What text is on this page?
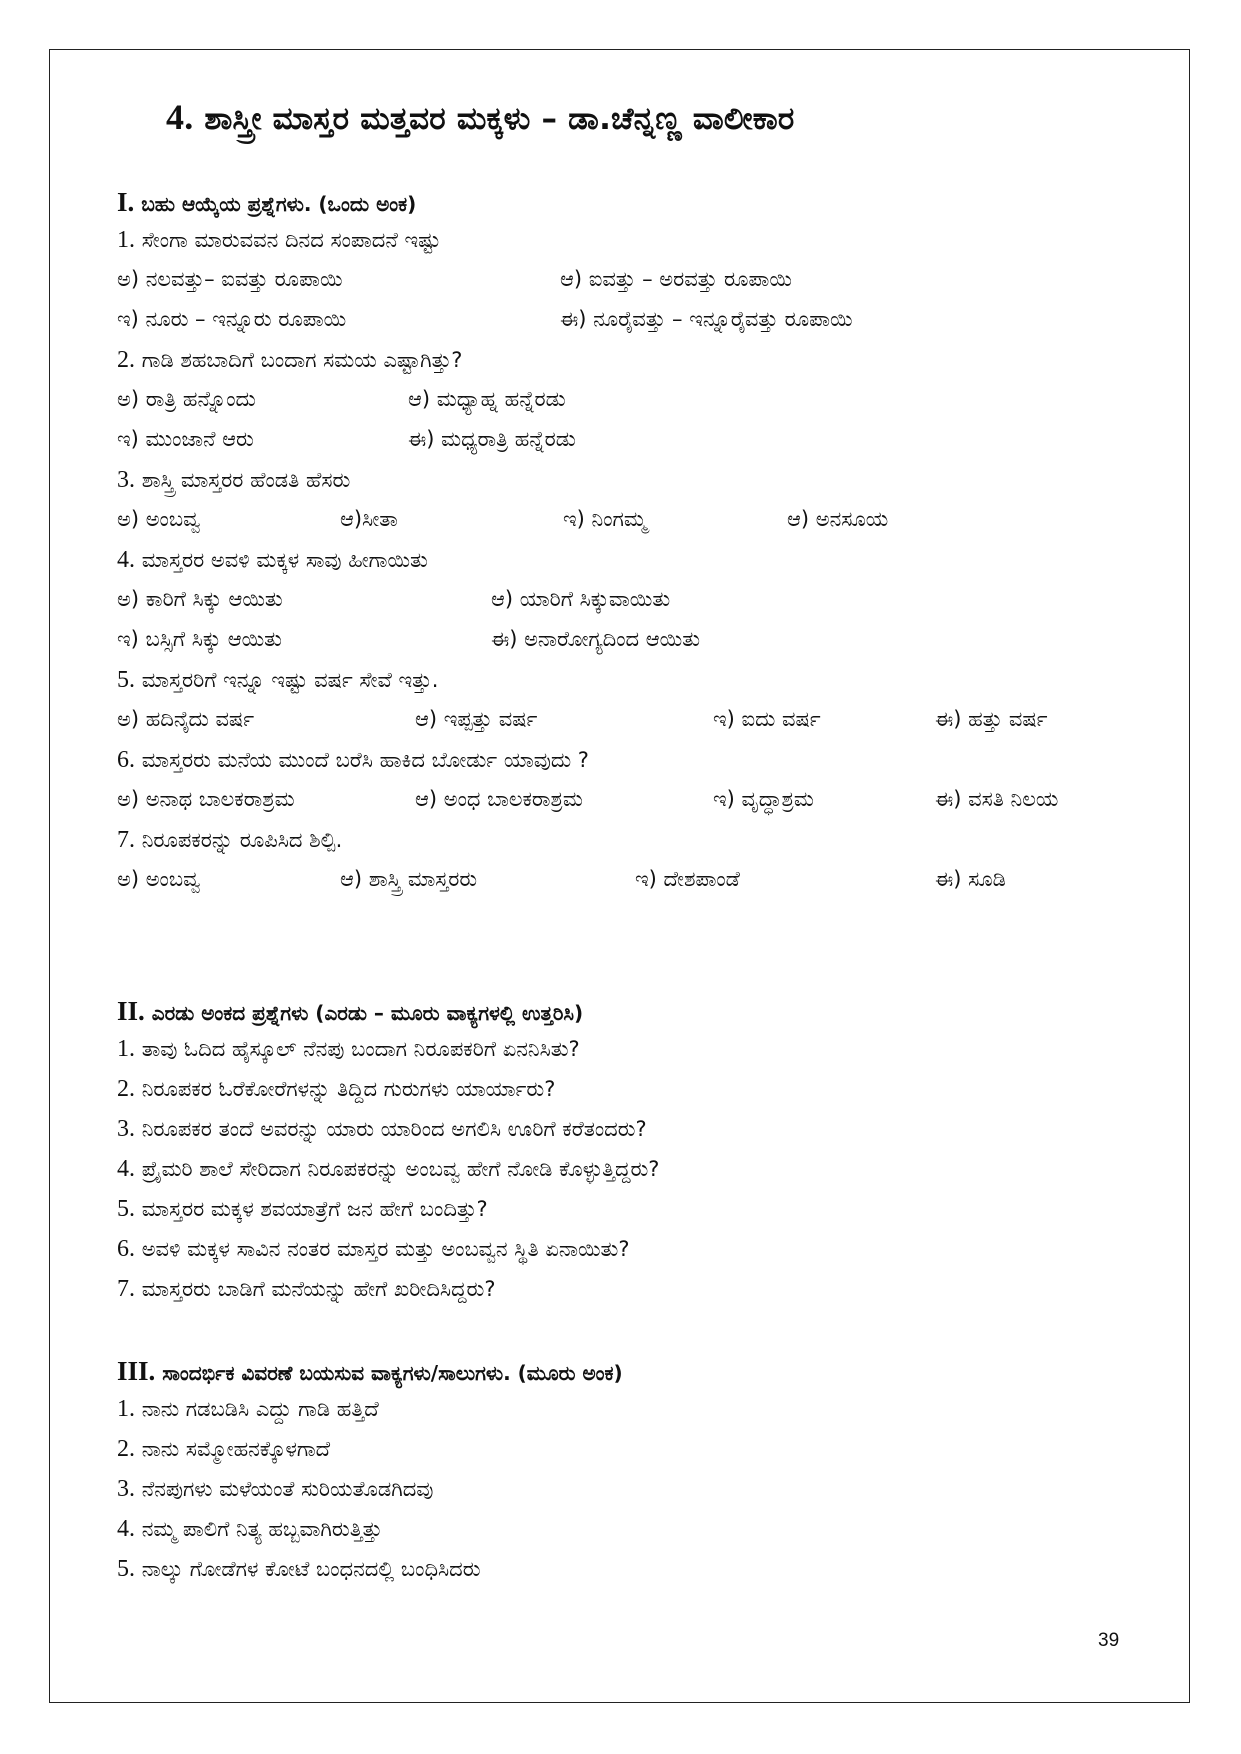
4. ಶಾಸ್ತ್ರೀ ಮಾಸ್ತರ ಮತ್ತವರ ಮಕ್ಕಳು – ಡಾ.ಚೆನ್ನಣ್ಣ ವಾಲೀಕಾರ
I. ಬಹು ಆಯ್ಕೆಯ ಪ್ರಶ್ನೆಗಳು. (ಒಂದು ಅಂಕ)
1. ಸೇಂಗಾ ಮಾರುವವನ ದಿನದ ಸಂಪಾದನೆ ಇಷ್ಟು
ಅ) ನಲವತ್ತು– ಐವತ್ತು ರೂಪಾಯಿ	ಆ) ಐವತ್ತು – ಅರವತ್ತು ರೂಪಾಯಿ
ಇ) ನೂರು – ಇನ್ನೂರು ರೂಪಾಯಿ	ಈ) ನೂರೈವತ್ತು – ಇನ್ನೂರೈವತ್ತು ರೂಪಾಯಿ
2. ಗಾಡಿ ಶಹಬಾದಿಗೆ ಬಂದಾಗ ಸಮಯ ಎಷ್ಟಾಗಿತ್ತು?
ಅ) ರಾತ್ರಿ ಹನ್ನೊಂದು	ಆ) ಮಧ್ಯಾಹ್ನ ಹನ್ನೆರಡು
ಇ) ಮುಂಜಾನೆ ಆರು	ಈ) ಮಧ್ಯರಾತ್ರಿ ಹನ್ನೆರಡು
3. ಶಾಸ್ತ್ರಿ ಮಾಸ್ತರರ ಹೆಂಡತಿ ಹೆಸರು
ಅ) ಅಂಬವ್ವ	ಆ)ಸೀತಾ	ಇ) ನಿಂಗಮ್ಮ	ಆ) ಅನಸೂಯ
4. ಮಾಸ್ತರರ ಅವಳಿ ಮಕ್ಕಳ ಸಾವು ಹೀಗಾಯಿತು
ಅ) ಕಾರಿಗೆ ಸಿಕ್ಕು ಆಯಿತು	ಆ) ಯಾರಿಗೆ ಸಿಕ್ಕುವಾಯಿತು
ಇ) ಬಸ್ಸಿಗೆ ಸಿಕ್ಕು ಆಯಿತು	ಈ) ಅನಾರೋಗ್ಯದಿಂದ ಆಯಿತು
5. ಮಾಸ್ತರರಿಗೆ ಇನ್ನೂ ಇಷ್ಟು ವರ್ಷ ಸೇವೆ ಇತ್ತು.
ಅ) ಹದಿನೈದು ವರ್ಷ	ಆ) ಇಪ್ಪತ್ತು ವರ್ಷ	ಇ) ಐದು ವರ್ಷ	ಈ) ಹತ್ತು ವರ್ಷ
6. ಮಾಸ್ತರರು ಮನೆಯ ಮುಂದೆ ಬರೆಸಿ ಹಾಕಿದ ಬೋರ್ಡು ಯಾವುದು ?
ಅ) ಅನಾಥ ಬಾಲಕರಾಶ್ರಮ	ಆ) ಅಂಧ ಬಾಲಕರಾಶ್ರಮ	ಇ) ವೃದ್ಧಾಶ್ರಮ	ಈ) ವಸತಿ ನಿಲಯ
7. ನಿರೂಪಕರನ್ನು ರೂಪಿಸಿದ ಶಿಲ್ಪಿ.
ಅ) ಅಂಬವ್ವ	ಆ) ಶಾಸ್ತ್ರಿ ಮಾಸ್ತರರು	ಇ) ದೇಶಪಾಂಡೆ	ಈ) ಸೂಡಿ
II. ಎರಡು ಅಂಕದ ಪ್ರಶ್ನೆಗಳು (ಎರಡು – ಮೂರು ವಾಕ್ಯಗಳಲ್ಲಿ ಉತ್ತರಿಸಿ)
1. ತಾವು ಓದಿದ ಹೈಸ್ಕೂಲ್ ನೆನಪು ಬಂದಾಗ ನಿರೂಪಕರಿಗೆ ಏನನಿಸಿತು?
2. ನಿರೂಪಕರ ಓರೆಕೋರೆಗಳನ್ನು ತಿದ್ದಿದ ಗುರುಗಳು ಯಾರ್ಯಾರು?
3. ನಿರೂಪಕರ ತಂದೆ ಅವರನ್ನು ಯಾರು ಯಾರಿಂದ ಅಗಲಿಸಿ ಊರಿಗೆ ಕರೆತಂದರು?
4. ಪ್ರೈಮರಿ ಶಾಲೆ ಸೇರಿದಾಗ ನಿರೂಪಕರನ್ನು ಅಂಬವ್ವ ಹೇಗೆ ನೋಡಿ ಕೊಳ್ಳುತ್ತಿದ್ದರು?
5. ಮಾಸ್ತರರ ಮಕ್ಕಳ ಶವಯಾತ್ರೆಗೆ ಜನ ಹೇಗೆ ಬಂದಿತ್ತು?
6. ಅವಳಿ ಮಕ್ಕಳ ಸಾವಿನ ನಂತರ ಮಾಸ್ತರ ಮತ್ತು ಅಂಬವ್ವನ ಸ್ಥಿತಿ ಏನಾಯಿತು?
7. ಮಾಸ್ತರರು ಬಾಡಿಗೆ ಮನೆಯನ್ನು ಹೇಗೆ ಖರೀದಿಸಿದ್ದರು?
III. ಸಾಂದರ್ಭಿಕ ವಿವರಣೆ ಬಯಸುವ ವಾಕ್ಯಗಳು/ಸಾಲುಗಳು. (ಮೂರು ಅಂಕ)
1. ನಾನು ಗಡಬಡಿಸಿ ಎದ್ದು ಗಾಡಿ ಹತ್ತಿದೆ
2. ನಾನು ಸಮ್ಮೋಹನಕ್ಕೊಳಗಾದೆ
3. ನೆನಪುಗಳು ಮಳೆಯಂತೆ ಸುರಿಯತೊಡಗಿದವು
4. ನಮ್ಮ ಪಾಲಿಗೆ ನಿತ್ಯ ಹಬ್ಬವಾಗಿರುತ್ತಿತ್ತು
5. ನಾಲ್ಕು ಗೋಡೆಗಳ ಕೋಟೆ ಬಂಧನದಲ್ಲಿ ಬಂಧಿಸಿದರು
39
